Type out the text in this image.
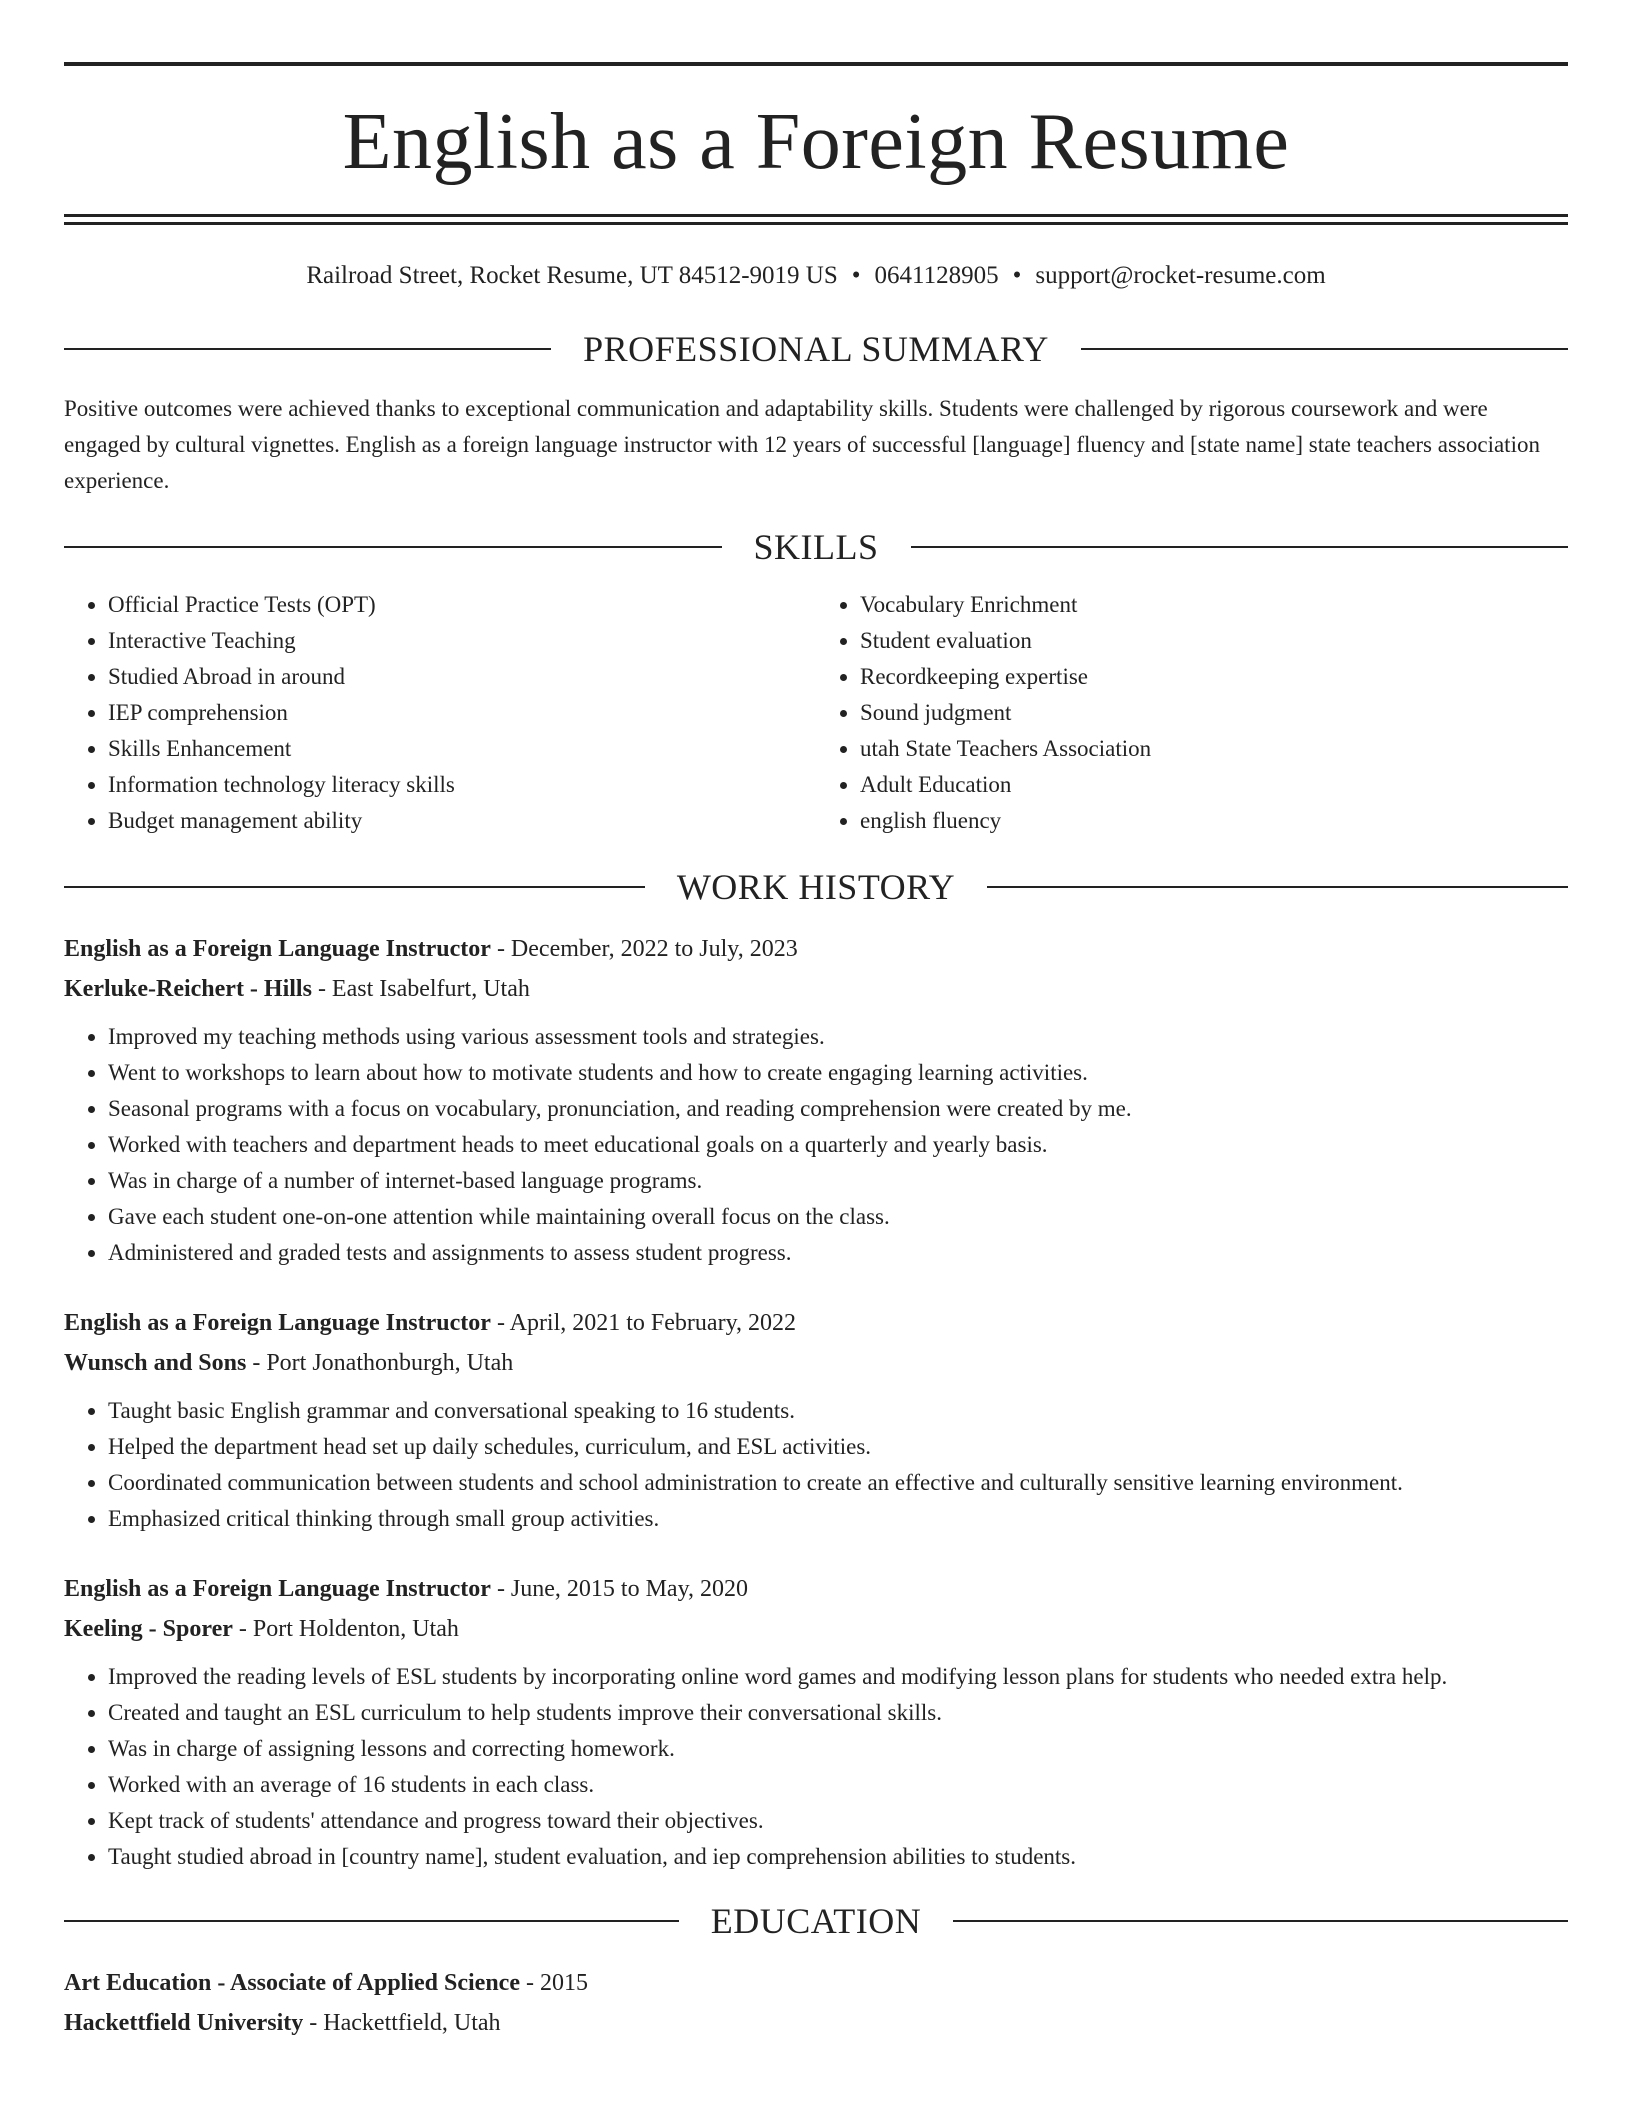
English as a Foreign Resume
Railroad Street, Rocket Resume, UT 84512-9019 US • 0641128905 • support@rocket-resume.com
PROFESSIONAL SUMMARY

Positive outcomes were achieved thanks to exceptional communication and adaptability skills. Students were challenged by rigorous coursework and were engaged by cultural vignettes. English as a foreign language instructor with 12 years of successful [language] fluency and [state name] state teachers association experience.

SKILLS
• Official Practice Tests (OPT)
• Interactive Teaching
• Studied Abroad in around
• IEP comprehension
• Skills Enhancement
• Information technology literacy skills
• Budget management ability
• Vocabulary Enrichment
• Student evaluation
• Recordkeeping expertise
• Sound judgment
• utah State Teachers Association
• Adult Education
• english fluency
WORK HISTORY
English as a Foreign Language Instructor - December, 2022 to July, 2023
Kerluke-Reichert - Hills - East Isabelfurt, Utah
• Improved my teaching methods using various assessment tools and strategies.
• Went to workshops to learn about how to motivate students and how to create engaging learning activities.
• Seasonal programs with a focus on vocabulary, pronunciation, and reading comprehension were created by me.
• Worked with teachers and department heads to meet educational goals on a quarterly and yearly basis.
• Was in charge of a number of internet-based language programs.
• Gave each student one-on-one attention while maintaining overall focus on the class.
• Administered and graded tests and assignments to assess student progress.
English as a Foreign Language Instructor - April, 2021 to February, 2022
Wunsch and Sons - Port Jonathonburgh, Utah
• Taught basic English grammar and conversational speaking to 16 students.
• Helped the department head set up daily schedules, curriculum, and ESL activities.
• Coordinated communication between students and school administration to create an effective and culturally sensitive learning environment.
• Emphasized critical thinking through small group activities.
English as a Foreign Language Instructor - June, 2015 to May, 2020
Keeling - Sporer - Port Holdenton, Utah
• Improved the reading levels of ESL students by incorporating online word games and modifying lesson plans for students who needed extra help.
• Created and taught an ESL curriculum to help students improve their conversational skills.
• Was in charge of assigning lessons and correcting homework.
• Worked with an average of 16 students in each class.
• Kept track of students' attendance and progress toward their objectives.
• Taught studied abroad in [country name], student evaluation, and iep comprehension abilities to students.
EDUCATION
Art Education - Associate of Applied Science - 2015
Hackettfield University - Hackettfield, Utah
